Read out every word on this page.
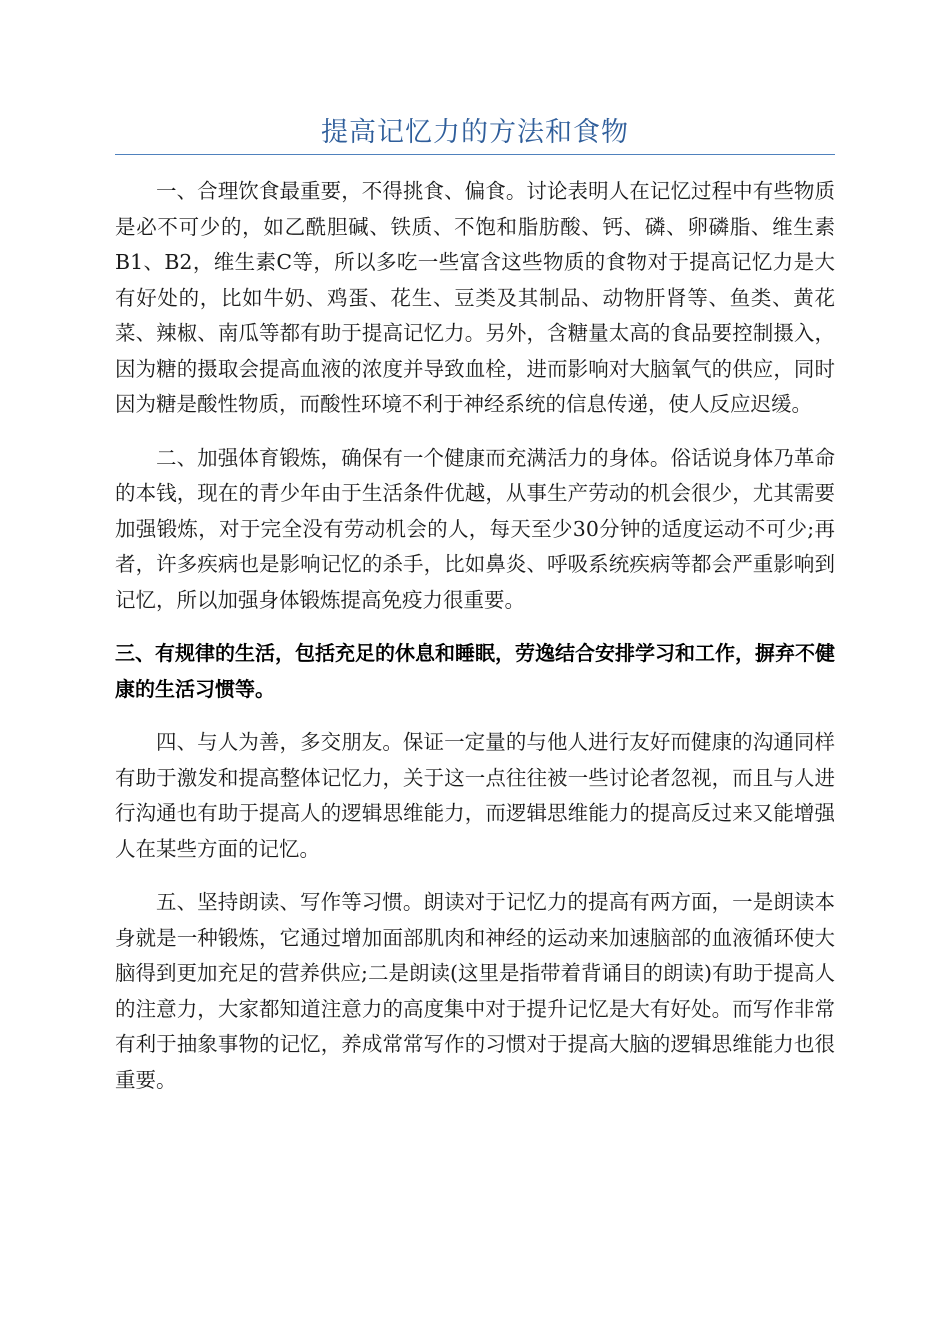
提高记忆力的方法和食物

一、合理饮食最重要，不得挑食、偏食。讨论表明人在记忆过程中有些物质是必不可少的，如乙酰胆碱、铁质、不饱和脂肪酸、钙、磷、卵磷脂、维生素B1、B2，维生素C等，所以多吃一些富含这些物质的食物对于提高记忆力是大有好处的，比如牛奶、鸡蛋、花生、豆类及其制品、动物肝肾等、鱼类、黄花菜、辣椒、南瓜等都有助于提高记忆力。另外，含糖量太高的食品要控制摄入，因为糖的摄取会提高血液的浓度并导致血栓，进而影响对大脑氧气的供应，同时因为糖是酸性物质，而酸性环境不利于神经系统的信息传递，使人反应迟缓。

二、加强体育锻炼，确保有一个健康而充满活力的身体。俗话说身体乃革命的本钱，现在的青少年由于生活条件优越，从事生产劳动的机会很少，尤其需要加强锻炼，对于完全没有劳动机会的人，每天至少30分钟的适度运动不可少;再者，许多疾病也是影响记忆的杀手，比如鼻炎、呼吸系统疾病等都会严重影响到记忆，所以加强身体锻炼提高免疫力很重要。

三、有规律的生活，包括充足的休息和睡眠，劳逸结合安排学习和工作，摒弃不健康的生活习惯等。

四、与人为善，多交朋友。保证一定量的与他人进行友好而健康的沟通同样有助于激发和提高整体记忆力，关于这一点往往被一些讨论者忽视，而且与人进行沟通也有助于提高人的逻辑思维能力，而逻辑思维能力的提高反过来又能增强人在某些方面的记忆。

五、坚持朗读、写作等习惯。朗读对于记忆力的提高有两方面，一是朗读本身就是一种锻炼，它通过增加面部肌肉和神经的运动来加速脑部的血液循环使大脑得到更加充足的营养供应;二是朗读(这里是指带着背诵目的朗读)有助于提高人的注意力，大家都知道注意力的高度集中对于提升记忆是大有好处。而写作非常有利于抽象事物的记忆，养成常常写作的习惯对于提高大脑的逻辑思维能力也很重要。
